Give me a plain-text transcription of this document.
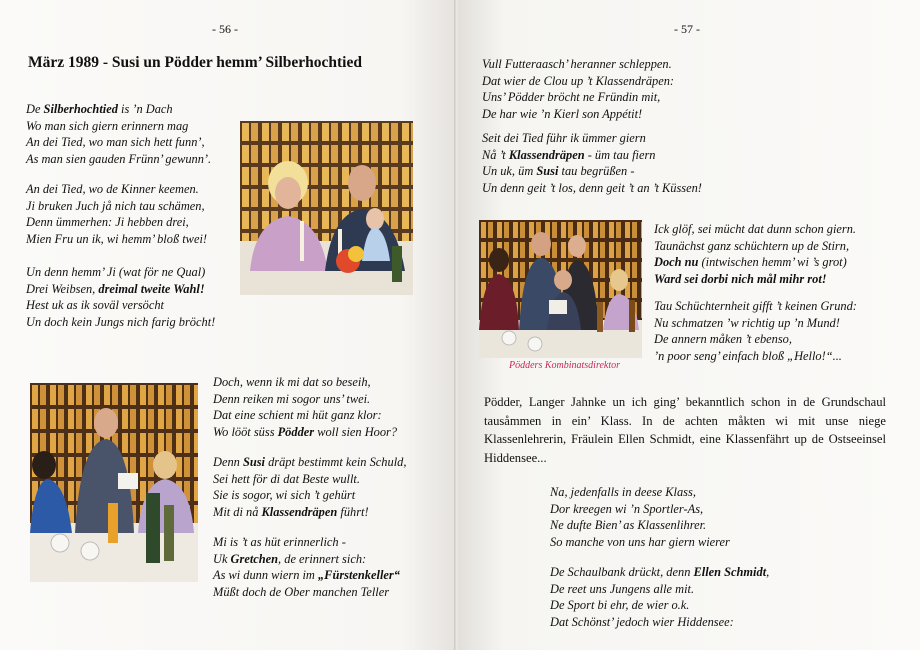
- 56 -
März 1989 - Susi un Pödder hemm’ Silberhochtied
De Silberhochtied is ’n Dach
Wo man sich giern erinnern mag
An dei Tied, wo man sich hett funn’,
As man sien gauden Frünn’ gewunn’.
An dei Tied, wo de Kinner keemen.
Ji bruken Juch jå nich tau schämen,
Denn ümmerhen: Ji hebben drei,
Mien Fru un ik, wi hemm’ bloß twei!
Un denn hemm’ Ji (wat för ne Qual)
Drei Weibsen, dreimal tweite Wahl!
Hest uk as ik soväl versöcht
Un doch kein Jungs nich farig bröcht!
Doch, wenn ik mi dat so beseih,
Denn reiken mi sogor uns’ twei.
Dat eine schient mi hüt ganz klor:
Wo lööt süss Pödder woll sien Hoor?
Denn Susi dräpt bestimmt kein Schuld,
Sei hett för di dat Beste wullt.
Sie is sogor, wi sich ’t gehürt
Mit di nå Klassendräpen führt!
Mi is ’t as hüt erinnerlich -
Uk Gretchen, de erinnert sich:
As wi dunn wiern im „Fürstenkeller“
Müßt doch de Ober manchen Teller
- 57 -
Vull Futteraasch’ heranner schleppen.
Dat wier de Clou up ’t Klassendräpen:
Uns’ Pödder bröcht ne Fründin mit,
De har wie ’n Kierl son Appétit!
Seit dei Tied führ ik ümmer giern
Nå ’t Klassendräpen - üm tau fiern
Un uk, üm Susi tau begrüßen -
Un denn geit ’t los, denn geit ’t an ’t Küssen!
Ick glöf, sei mücht dat dunn schon giern.
Taunächst ganz schüchtern up de Stirn,
Doch nu (intwischen hemm’ wi ’s grot)
Ward sei dorbi nich mål mihr rot!
Tau Schüchternheit gifft ’t keinen Grund:
Nu schmatzen ’w richtig up ’n Mund!
De annern måken ’t ebenso,
’n poor seng’ einfach bloß „Hello!“...
Na, jedenfalls in deese Klass,
Dor kreegen wi ’n Sportler-As,
Ne dufte Bien’ as Klassenlihrer.
So manche von uns har giern wierer
De Schaulbank drückt, denn Ellen Schmidt,
De reet uns Jungens alle mit.
De Sport bi ehr, de wier o.k.
Dat Schönst’ jedoch wier Hiddensee:
Pödders Kombinatsdirektor
Pödder, Langer Jahnke un ich ging’ bekanntlich schon in de Grundschaul tausåmmen in ein’ Klass. In de achten måkten wi mit unse niege Klassenlehrerin, Fräulein Ellen Schmidt, eine Klassenfährt up de Ostseeinsel Hiddensee...
